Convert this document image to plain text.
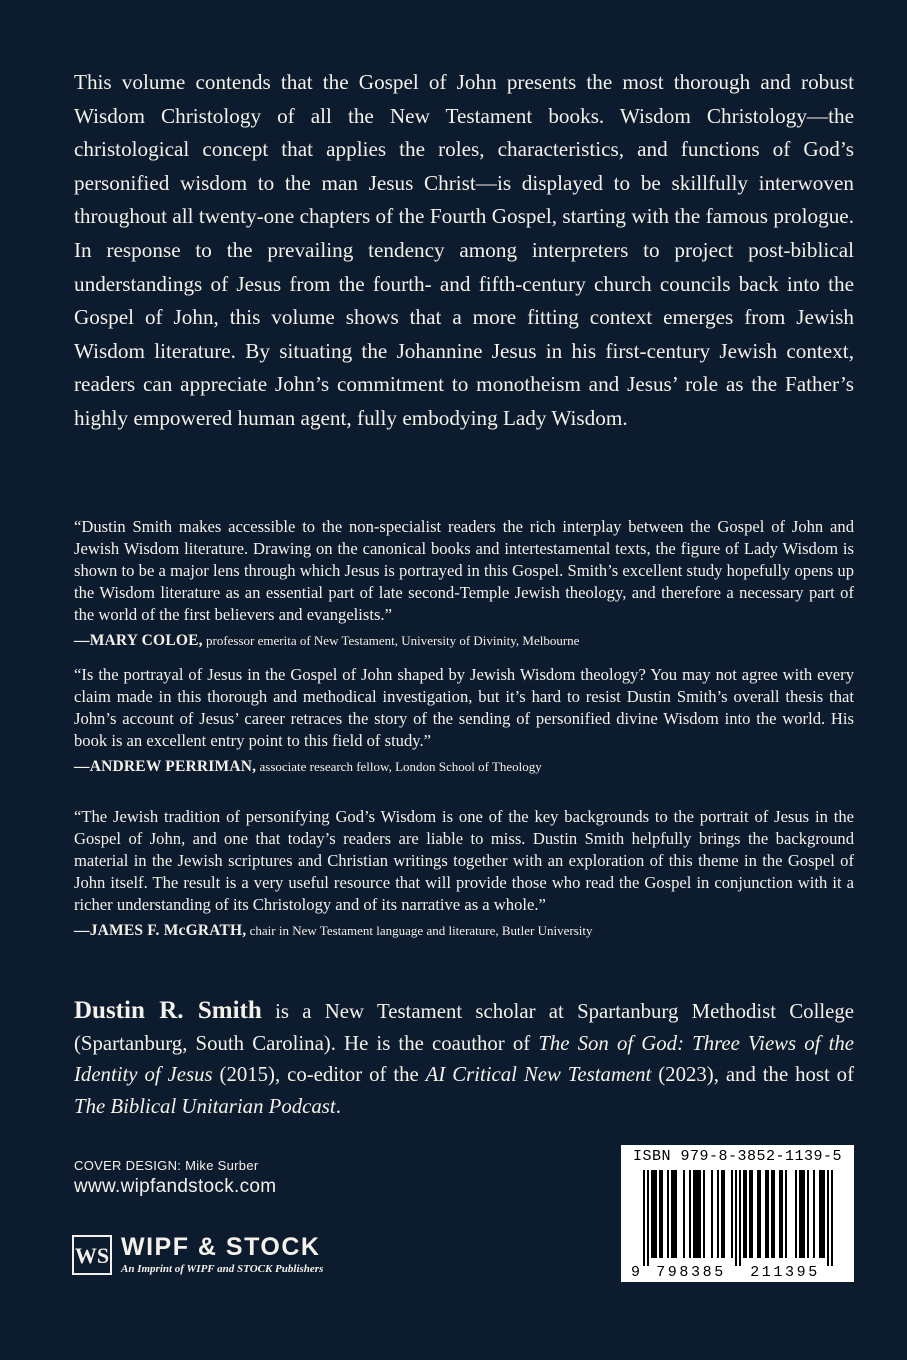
This volume contends that the Gospel of John presents the most thorough and robust Wisdom Christology of all the New Testament books. Wisdom Christology—the christological concept that applies the roles, characteristics, and functions of God’s personified wisdom to the man Jesus Christ—is displayed to be skillfully interwoven throughout all twenty-one chapters of the Fourth Gospel, starting with the famous prologue. In response to the prevailing tendency among interpreters to project post-biblical understandings of Jesus from the fourth- and fifth-century church councils back into the Gospel of John, this volume shows that a more fitting context emerges from Jewish Wisdom literature. By situating the Johannine Jesus in his first-century Jewish context, readers can appreciate John’s commitment to monotheism and Jesus’ role as the Father’s highly empowered human agent, fully embodying Lady Wisdom.

“Dustin Smith makes accessible to the non-specialist readers the rich interplay between the Gospel of John and Jewish Wisdom literature. Drawing on the canonical books and intertestamental texts, the figure of Lady Wisdom is shown to be a major lens through which Jesus is portrayed in this Gospel. Smith’s excellent study hopefully opens up the Wisdom literature as an essential part of late second-Temple Jewish theology, and therefore a necessary part of the world of the first believers and evangelists.”

—MARY COLOE, professor emerita of New Testament, University of Divinity, Melbourne

“Is the portrayal of Jesus in the Gospel of John shaped by Jewish Wisdom theology? You may not agree with every claim made in this thorough and methodical investigation, but it’s hard to resist Dustin Smith’s overall thesis that John’s account of Jesus’ career retraces the story of the sending of personified divine Wisdom into the world. His book is an excellent entry point to this field of study.”

—ANDREW PERRIMAN, associate research fellow, London School of Theology

“The Jewish tradition of personifying God’s Wisdom is one of the key backgrounds to the portrait of Jesus in the Gospel of John, and one that today’s readers are liable to miss. Dustin Smith helpfully brings the background material in the Jewish scriptures and Christian writings together with an exploration of this theme in the Gospel of John itself. The result is a very useful resource that will provide those who read the Gospel in conjunction with it a richer understanding of its Christology and of its narrative as a whole.”

—JAMES F. McGRATH, chair in New Testament language and literature, Butler University

Dustin R. Smith is a New Testament scholar at Spartanburg Methodist College (Spartanburg, South Carolina). He is the coauthor of The Son of God: Three Views of the Identity of Jesus (2015), co-editor of the AI Critical New Testament (2023), and the host of The Biblical Unitarian Podcast.

COVER DESIGN: Mike Surber

www.wipfandstock.com

WS WIPF & STOCK

An Imprint of WIPF and STOCK Publishers

ISBN 979-8-3852-1139-5

9 798385 211395
